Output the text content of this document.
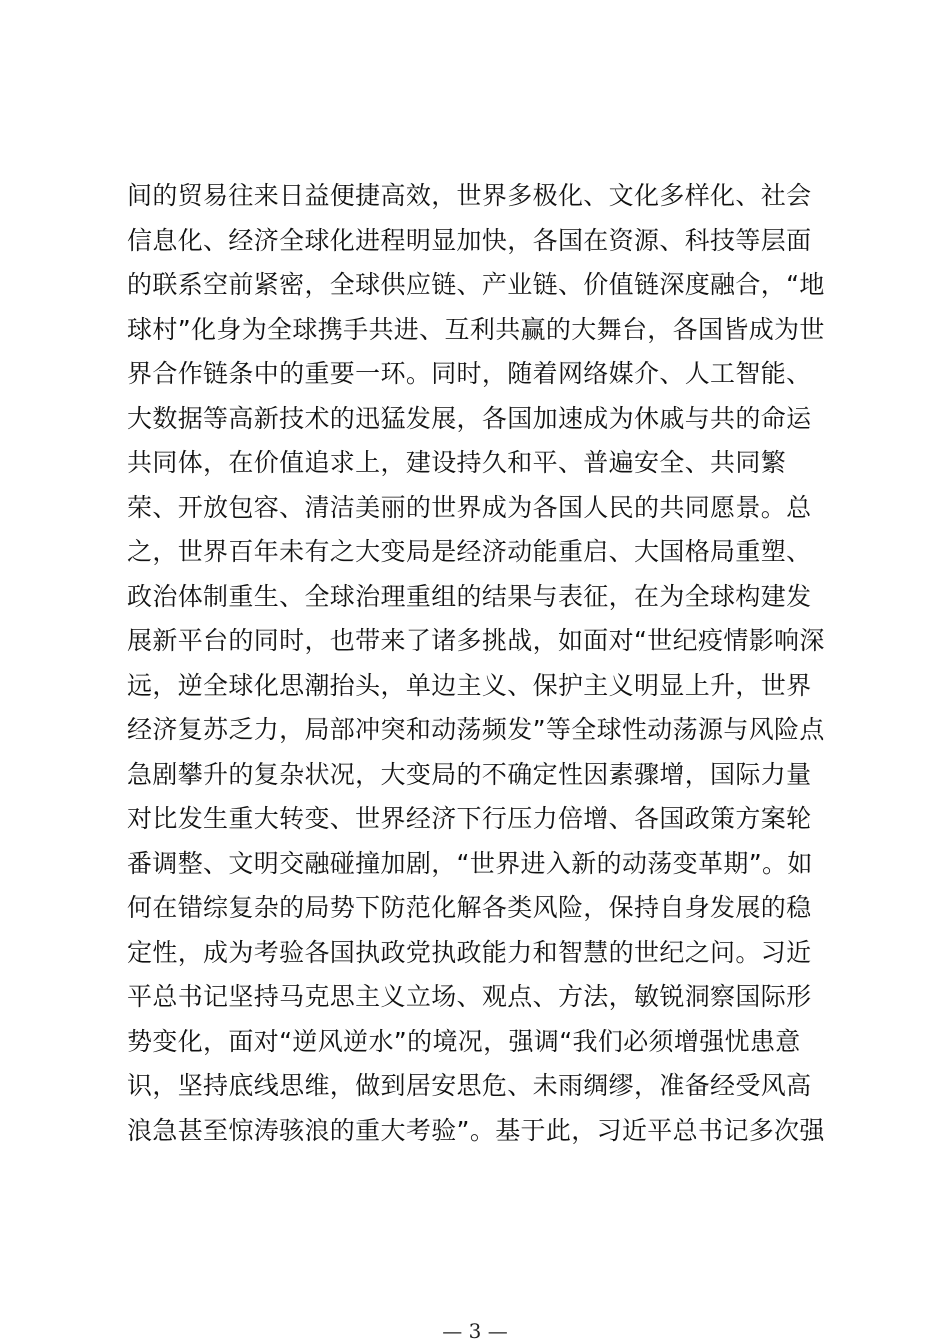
间的贸易往来日益便捷高效，世界多极化、文化多样化、社会

信息化、经济全球化进程明显加快，各国在资源、科技等层面

的联系空前紧密，全球供应链、产业链、价值链深度融合，“地

球村”化身为全球携手共进、互利共赢的大舞台，各国皆成为世

界合作链条中的重要一环。同时，随着网络媒介、人工智能、

大数据等高新技术的迅猛发展，各国加速成为休戚与共的命运

共同体，在价值追求上，建设持久和平、普遍安全、共同繁

荣、开放包容、清洁美丽的世界成为各国人民的共同愿景。总

之，世界百年未有之大变局是经济动能重启、大国格局重塑、

政治体制重生、全球治理重组的结果与表征，在为全球构建发

展新平台的同时，也带来了诸多挑战，如面对“世纪疫情影响深

远，逆全球化思潮抬头，单边主义、保护主义明显上升，世界

经济复苏乏力，局部冲突和动荡频发”等全球性动荡源与风险点

急剧攀升的复杂状况，大变局的不确定性因素骤增，国际力量

对比发生重大转变、世界经济下行压力倍增、各国政策方案轮

番调整、文明交融碰撞加剧，“世界进入新的动荡变革期”。如

何在错综复杂的局势下防范化解各类风险，保持自身发展的稳

定性，成为考验各国执政党执政能力和智慧的世纪之问。习近

平总书记坚持马克思主义立场、观点、方法，敏锐洞察国际形

势变化，面对“逆风逆水”的境况，强调“我们必须增强忧患意

识，坚持底线思维，做到居安思危、未雨绸缪，准备经受风高

浪急甚至惊涛骇浪的重大考验”。基于此，习近平总书记多次强

— 3 —
